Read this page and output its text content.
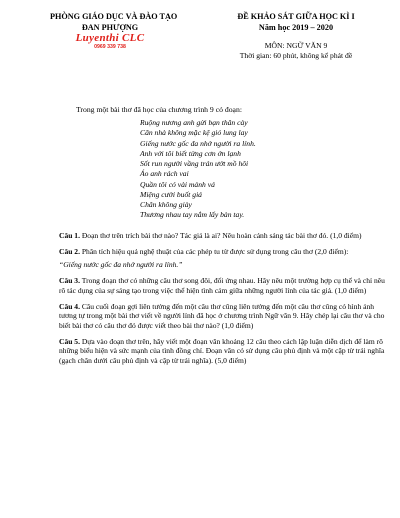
PHÒNG GIÁO DỤC VÀ ĐÀO TẠO
ĐAN PHƯỢNG
Luyenthi CLC
0969 339 738
ĐỀ KHẢO SÁT GIỮA HỌC KÌ I
Năm học 2019 – 2020
MÔN: NGỮ VĂN 9
Thời gian: 60 phút, không kể phát đề
Trong một bài thơ đã học của chương trình 9 có đoạn:
Ruộng nương anh gửi bạn thân cày
Căn nhà không mặc kệ gió lung lay
Giếng nước gốc đa nhớ người ra lính.
Anh với tôi biết từng cơn ớn lạnh
Sốt run người vầng trán ướt mồ hôi
Áo anh rách vai
Quần tôi có vài mảnh vá
Miệng cười buốt giá
Chân không giày
Thương nhau tay nắm lấy bàn tay.
Câu 1. Đoạn thơ trên trích bài thơ nào? Tác giả là ai? Nêu hoàn cảnh sáng tác bài thơ đó. (1,0 điểm)
Câu 2. Phân tích hiệu quả nghệ thuật của các phép tu từ được sử dụng trong câu thơ (2,0 điểm):
“Giếng nước gốc đa nhớ người ra lính.”
Câu 3. Trong đoạn thơ có những câu thơ song đôi, đối ứng nhau. Hãy nêu một trường hợp cụ thể và chỉ nêu rõ tác dụng của sự sáng tạo trong việc thể hiện tình cảm giữa những người lính của tác giả. (1,0 điểm)
Câu 4. Câu cuối đoạn gợi liên tưởng đến một câu thơ cũng liên tưởng đến một câu thơ cũng có hình ảnh tương tự trong một bài thơ viết về người lính đã học ở chương trình Ngữ văn 9. Hãy chép lại câu thơ và cho biết bài thơ có câu thơ đó được viết theo bài thơ nào? (1,0 điểm)
Câu 5. Dựa vào đoạn thơ trên, hãy viết một đoạn văn khoảng 12 câu theo cách lập luận diễn dịch để làm rõ những biểu hiện và sức mạnh của tình đồng chí. Đoạn văn có sử dụng câu phủ định và một cặp từ trái nghĩa (gạch chân dưới câu phủ định và cặp từ trái nghĩa). (5,0 điểm)
